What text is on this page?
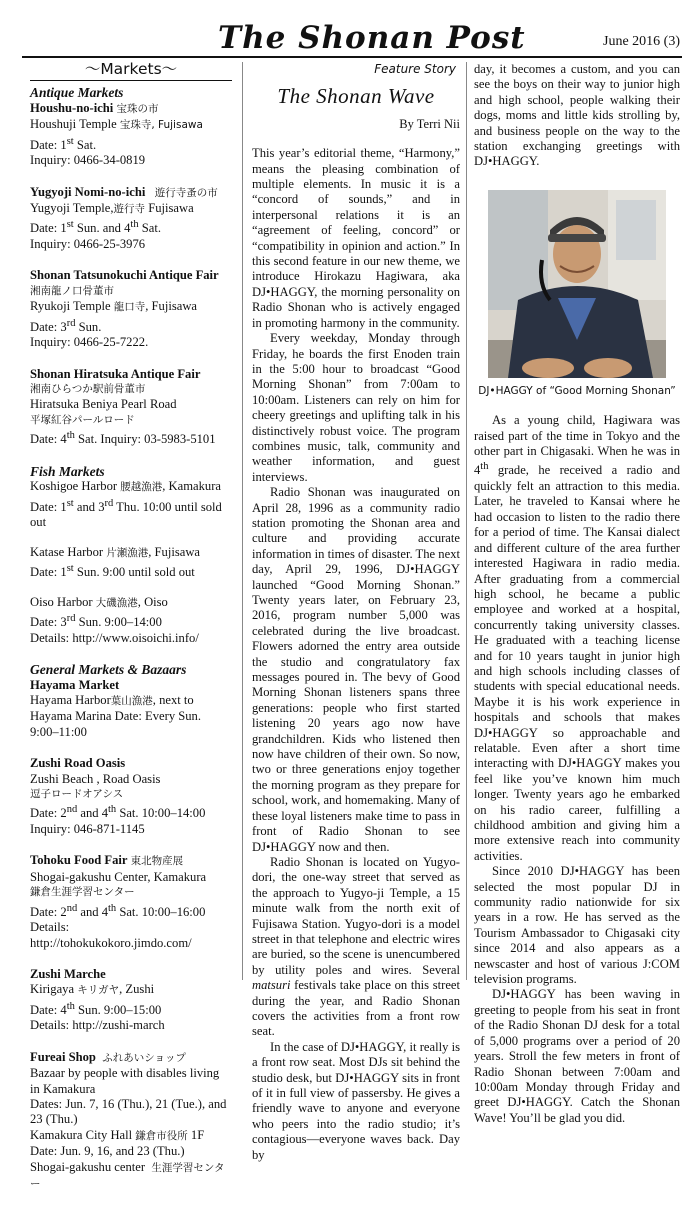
The Shonan Post	June 2016 (3)
～Markets～
Antique Markets
Houshu-no-ichi 宝珠の市
Houshuji Temple 宝珠寺, Fujisawa
Date: 1st Sat.
Inquiry: 0466-34-0819
Yugyoji Nomi-no-ichi 遊行寺蚤の市
Yugyoji Temple,遊行寺 Fujisawa
Date: 1st Sun. and 4th Sat.
Inquiry: 0466-25-3976
Shonan Tatsunokuchi Antique Fair
湘南龍ノ口骨董市
Ryukoji Temple 龍口寺, Fujisawa
Date: 3rd Sun.
Inquiry: 0466-25-7222.
Shonan Hiratsuka Antique Fair
湘南ひらつか駅前骨董市
Hiratsuka Beniya Pearl Road
平塚紅谷パールロード
Date: 4th Sat. Inquiry: 03-5983-5101
Fish Markets
Koshigoe Harbor 腰越漁港, Kamakura
Date: 1st and 3rd Thu. 10:00 until sold out
Katase Harbor 片瀬漁港, Fujisawa
Date: 1st Sun. 9:00 until sold out
Oiso Harbor 大磯漁港, Oiso
Date: 3rd Sun. 9:00–14:00
Details: http://www.oisoichi.info/
General Markets & Bazaars
Hayama Market
Hayama Harbor葉山漁港, next to Hayama Marina Date: Every Sun. 9:00–11:00
Zushi Road Oasis
Zushi Beach , Road Oasis
逗子ロードオアシス
Date: 2nd and 4th Sat. 10:00–14:00
Inquiry: 046-871-1145
Tohoku Food Fair 東北物産展
Shogai-gakushu Center, Kamakura
鎌倉生涯学習センター
Date: 2nd and 4th Sat. 10:00–16:00
Details: http://tohokukokoro.jimdo.com/
Zushi Marche
Kirigaya キリガヤ, Zushi
Date: 4th Sun. 9:00–15:00
Details: http://zushi-march
Fureai Shop ふれあいショップ
Bazaar by people with disables living in Kamakura
Dates: Jun. 7, 16 (Thu.), 21 (Tue.), and 23 (Thu.)
Kamakura City Hall 鎌倉市役所 1F
Date: Jun. 9, 16, and 23 (Thu.)
Shogai-gakushu center 生涯学習センター
Feature Story
The Shonan Wave
By Terri Nii

This year’s editorial theme, “Harmony,” means the pleasing combination of multiple elements. In music it is a “concord of sounds,” and in interpersonal relations it is an “agreement of feeling, concord” or “compatibility in opinion and action.” In this second feature in our new theme, we introduce Hirokazu Hagiwara, aka DJ•HAGGY, the morning personality on Radio Shonan who is actively engaged in promoting harmony in the community.

Every weekday, Monday through Friday, he boards the first Enoden train in the 5:00 hour to broadcast “Good Morning Shonan” from 7:00am to 10:00am. Listeners can rely on him for cheery greetings and uplifting talk in his distinctively robust voice. The program combines music, talk, community and weather information, and guest interviews.

Radio Shonan was inaugurated on April 28, 1996 as a community radio station promoting the Shonan area and culture and providing accurate information in times of disaster. The next day, April 29, 1996, DJ•HAGGY launched “Good Morning Shonan.” Twenty years later, on February 23, 2016, program number 5,000 was celebrated during the live broadcast. Flowers adorned the entry area outside the studio and congratulatory fax messages poured in. The bevy of Good Morning Shonan listeners spans three generations: people who first started listening 20 years ago now have grandchildren. Kids who listened then now have children of their own. So now, two or three generations enjoy together the morning program as they prepare for school, work, and homemaking. Many of these loyal listeners make time to pass in front of Radio Shonan to see DJ•HAGGY now and then.

Radio Shonan is located on Yugyo-dori, the one-way street that served as the approach to Yugyo-ji Temple, a 15 minute walk from the north exit of Fujisawa Station. Yugyo-dori is a model street in that telephone and electric wires are buried, so the scene is unencumbered by utility poles and wires. Several matsuri festivals take place on this street during the year, and Radio Shonan covers the activities from a front row seat.

In the case of DJ•HAGGY, it really is a front row seat. Most DJs sit behind the studio desk, but DJ•HAGGY sits in front of it in full view of passersby. He gives a friendly wave to anyone and everyone who peers into the radio studio; it’s contagious—everyone waves back. Day by

day, it becomes a custom, and you can see the boys on their way to junior high and high school, people walking their dogs, moms and little kids strolling by, and business people on the way to the station exchanging greetings with DJ•HAGGY.

DJ•HAGGY of “Good Morning Shonan”

As a young child, Hagiwara was raised part of the time in Tokyo and the other part in Chigasaki. When he was in 4th grade, he received a radio and quickly felt an attraction to this media. Later, he traveled to Kansai where he had occasion to listen to the radio there for a period of time. The Kansai dialect and different culture of the area further interested Hagiwara in radio media. After graduating from a commercial high school, he became a public employee and worked at a hospital, concurrently taking university classes. He graduated with a teaching license and for 10 years taught in junior high and high schools including classes of students with special educational needs. Maybe it is his work experience in hospitals and schools that makes DJ•HAGGY so approachable and relatable. Even after a short time interacting with DJ•HAGGY makes you feel like you’ve known him much longer. Twenty years ago he embarked on his radio career, fulfilling a childhood ambition and giving him a more extensive reach into community activities.

Since 2010 DJ•HAGGY has been selected the most popular DJ in community radio nationwide for six years in a row. He has served as the Tourism Ambassador to Chigasaki city since 2014 and also appears as a newscaster and host of various J:COM television programs.

DJ•HAGGY has been waving in greeting to people from his seat in front of the Radio Shonan DJ desk for a total of 5,000 programs over a period of 20 years. Stroll the few meters in front of Radio Shonan between 7:00am and 10:00am Monday through Friday and greet DJ•HAGGY. Catch the Shonan Wave! You’ll be glad you did.
